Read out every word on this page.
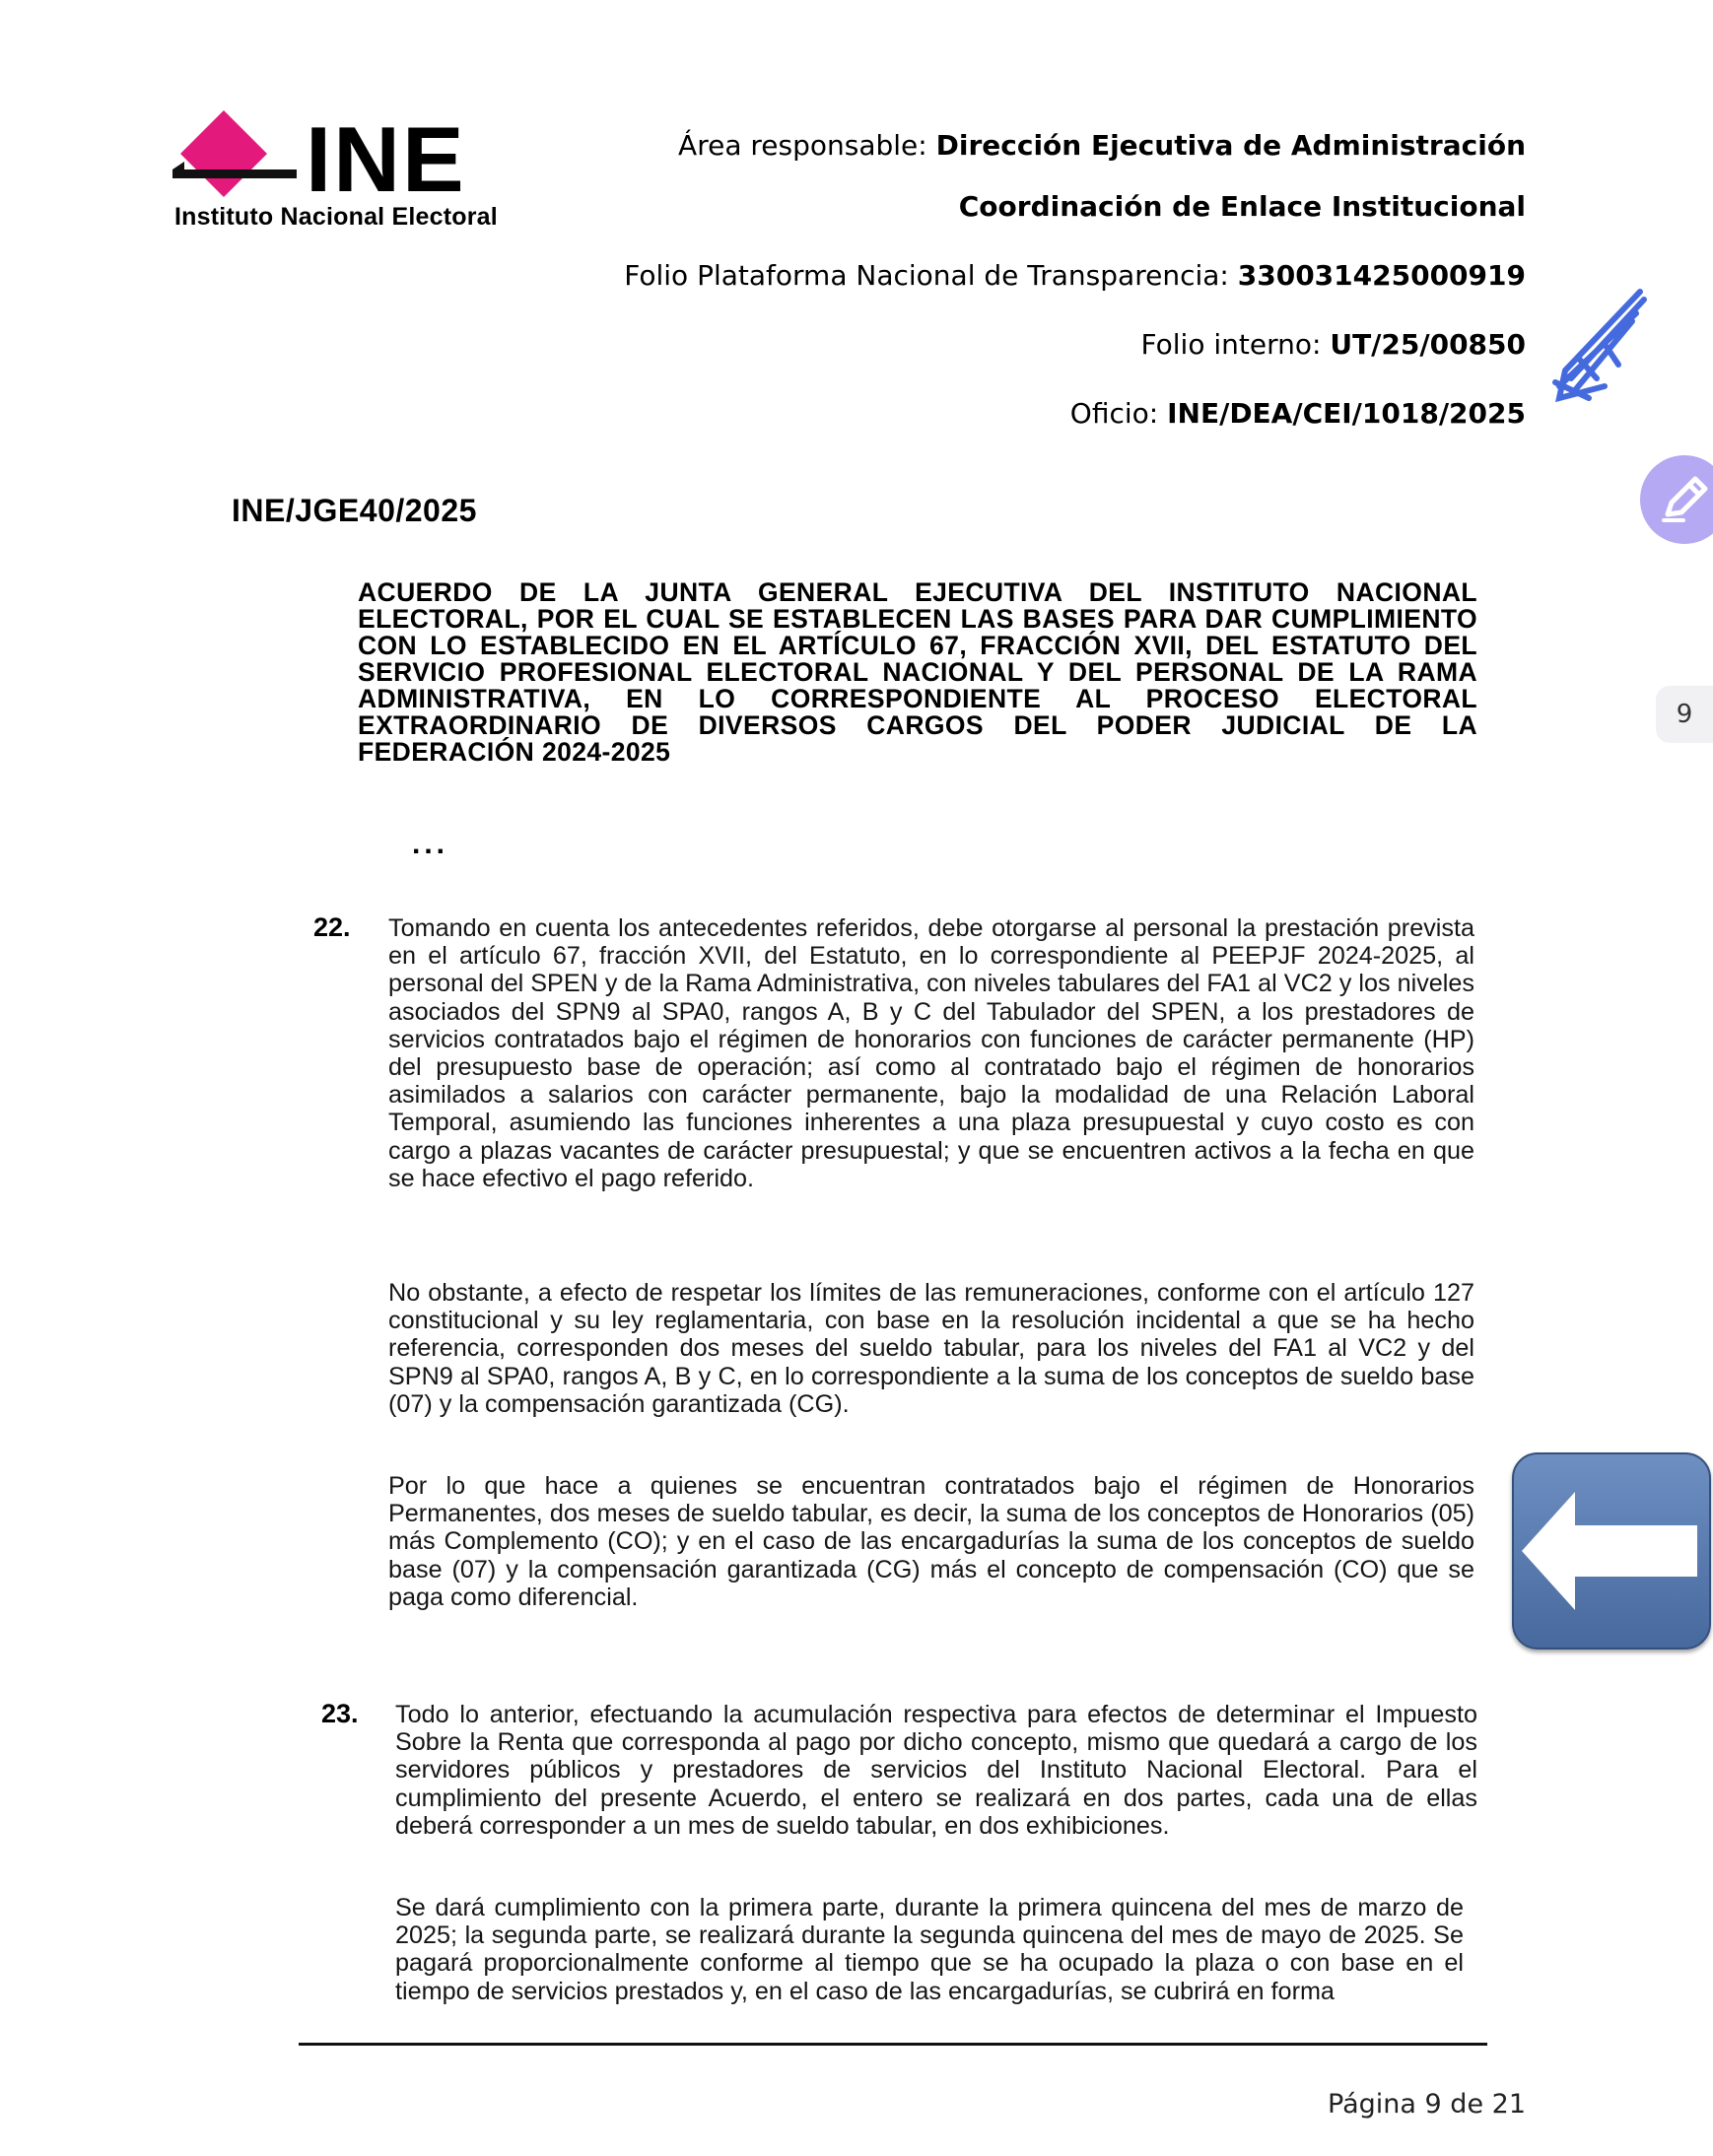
INE
Instituto Nacional Electoral
Área responsable: Dirección Ejecutiva de Administración
Coordinación de Enlace Institucional
Folio Plataforma Nacional de Transparencia: 330031425000919
Folio interno: UT/25/00850
Oficio: INE/DEA/CEI/1018/2025
INE/JGE40/2025
ACUERDO DE LA JUNTA GENERAL EJECUTIVA DEL INSTITUTO NACIONAL ELECTORAL, POR EL CUAL SE ESTABLECEN LAS BASES PARA DAR CUMPLIMIENTO CON LO ESTABLECIDO EN EL ARTÍCULO 67, FRACCIÓN XVII, DEL ESTATUTO DEL SERVICIO PROFESIONAL ELECTORAL NACIONAL Y DEL PERSONAL DE LA RAMA ADMINISTRATIVA, EN LO CORRESPONDIENTE AL PROCESO ELECTORAL EXTRAORDINARIO DE DIVERSOS CARGOS DEL PODER JUDICIAL DE LA FEDERACIÓN 2024-2025
...
22. Tomando en cuenta los antecedentes referidos, debe otorgarse al personal la prestación prevista en el artículo 67, fracción XVII, del Estatuto, en lo correspondiente al PEEPJF 2024-2025, al personal del SPEN y de la Rama Administrativa, con niveles tabulares del FA1 al VC2 y los niveles asociados del SPN9 al SPA0, rangos A, B y C del Tabulador del SPEN, a los prestadores de servicios contratados bajo el régimen de honorarios con funciones de carácter permanente (HP) del presupuesto base de operación; así como al contratado bajo el régimen de honorarios asimilados a salarios con carácter permanente, bajo la modalidad de una Relación Laboral Temporal, asumiendo las funciones inherentes a una plaza presupuestal y cuyo costo es con cargo a plazas vacantes de carácter presupuestal; y que se encuentren activos a la fecha en que se hace efectivo el pago referido.
No obstante, a efecto de respetar los límites de las remuneraciones, conforme con el artículo 127 constitucional y su ley reglamentaria, con base en la resolución incidental a que se ha hecho referencia, corresponden dos meses del sueldo tabular, para los niveles del FA1 al VC2 y del SPN9 al SPA0, rangos A, B y C, en lo correspondiente a la suma de los conceptos de sueldo base (07) y la compensación garantizada (CG).
Por lo que hace a quienes se encuentran contratados bajo el régimen de Honorarios Permanentes, dos meses de sueldo tabular, es decir, la suma de los conceptos de Honorarios (05) más Complemento (CO); y en el caso de las encargadurías la suma de los conceptos de sueldo base (07) y la compensación garantizada (CG) más el concepto de compensación (CO) que se paga como diferencial.
23. Todo lo anterior, efectuando la acumulación respectiva para efectos de determinar el Impuesto Sobre la Renta que corresponda al pago por dicho concepto, mismo que quedará a cargo de los servidores públicos y prestadores de servicios del Instituto Nacional Electoral. Para el cumplimiento del presente Acuerdo, el entero se realizará en dos partes, cada una de ellas deberá corresponder a un mes de sueldo tabular, en dos exhibiciones.
Se dará cumplimiento con la primera parte, durante la primera quincena del mes de marzo de 2025; la segunda parte, se realizará durante la segunda quincena del mes de mayo de 2025. Se pagará proporcionalmente conforme al tiempo que se ha ocupado la plaza o con base en el tiempo de servicios prestados y, en el caso de las encargadurías, se cubrirá en forma
Página 9 de 21
9
